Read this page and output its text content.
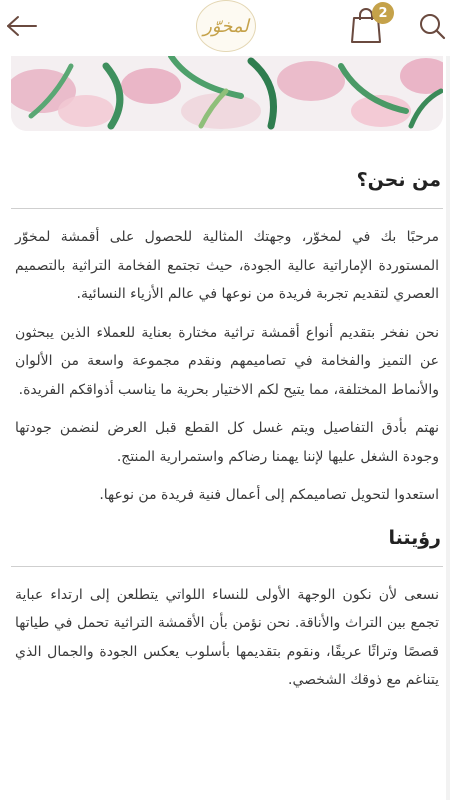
2
لمخوّر
من نحن؟

مرحبًا بك في لمخوّر، وجهتك المثالية للحصول على أقمشة لمخوّر المستوردة الإماراتية عالية الجودة، حيث تجتمع الفخامة التراثية بالتصميم العصري لتقديم تجربة فريدة من نوعها في عالم الأزياء النسائية.

نحن نفخر بتقديم أنواع أقمشة تراثية مختارة بعناية للعملاء الذين يبحثون عن التميز والفخامة في تصاميمهم ونقدم مجموعة واسعة من الألوان والأنماط المختلفة، مما يتيح لكم الاختيار بحرية ما يناسب أذواقكم الفريدة.

نهتم بأدق التفاصيل ويتم غسل كل القطع قبل العرض لنضمن جودتها وجودة الشغل عليها لإننا يهمنا رضاكم واستمرارية المنتج.

استعدوا لتحويل تصاميمكم إلى أعمال فنية فريدة من نوعها.

رؤيتنا

نسعى لأن نكون الوجهة الأولى للنساء اللواتي يتطلعن إلى ارتداء عباية تجمع بين التراث والأناقة. نحن نؤمن بأن الأقمشة التراثية تحمل في طياتها قصصًا وتراثًا عريقًا، ونقوم بتقديمها بأسلوب يعكس الجودة والجمال الذي يتناغم مع ذوقك الشخصي.
